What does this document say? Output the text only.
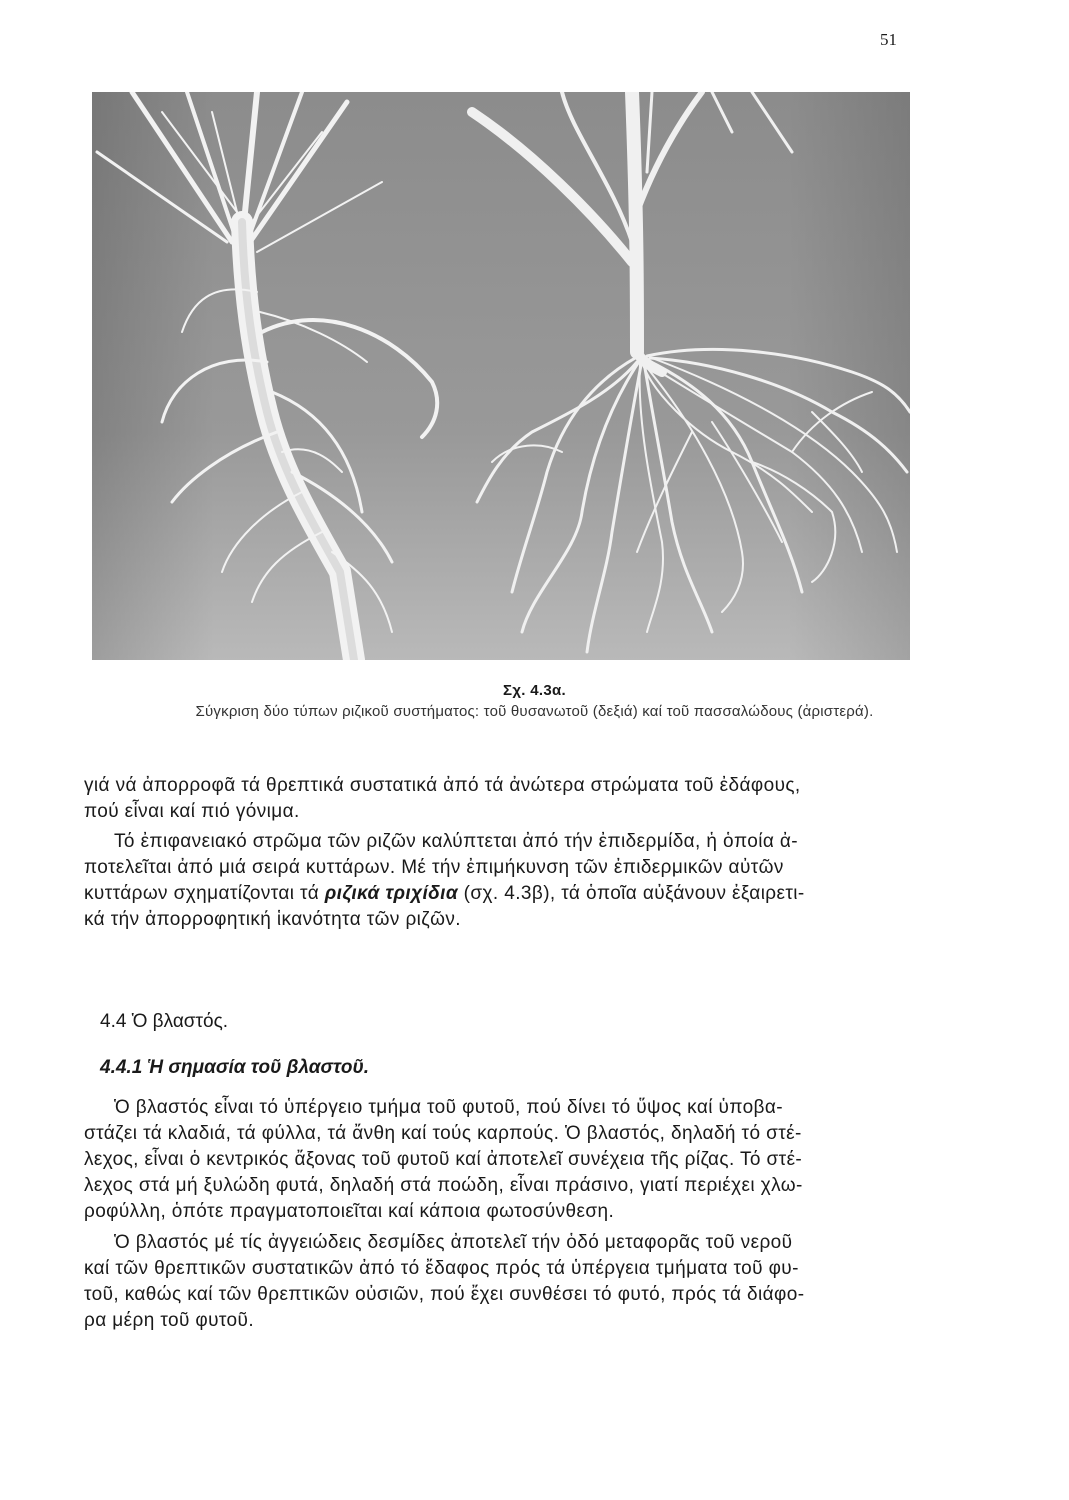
51
Σχ. 4.3α.
Σύγκριση δύο τύπων ριζικοῦ συστήματος: τοῦ θυσανωτοῦ (δεξιά) καί τοῦ πασσαλώδους (ἀριστερά).
γιά νά ἀπορροφᾶ τά θρεπτικά συστατικά ἀπό τά ἀνώτερα στρώματα τοῦ ἐδάφους,
πού εἶναι καί πιό γόνιμα.
Τό ἐπιφανειακό στρῶμα τῶν ριζῶν καλύπτεται ἀπό τήν ἐπιδερμίδα, ἡ ὁποία ἀ-
ποτελεῖται ἀπό μιά σειρά κυττάρων. Μέ τήν ἐπιμήκυνση τῶν ἐπιδερμικῶν αὐτῶν
κυττάρων σχηματίζονται τά ριζικά τριχίδια (σχ. 4.3β), τά ὁποῖα αὐξάνουν ἐξαιρετι-
κά τήν ἀπορροφητική ἱκανότητα τῶν ριζῶν.
4.4 Ὁ βλαστός.
4.4.1 Ἡ σημασία τοῦ βλαστοῦ.
Ὁ βλαστός εἶναι τό ὑπέργειο τμήμα τοῦ φυτοῦ, πού δίνει τό ὕψος καί ὑποβα-
στάζει τά κλαδιά, τά φύλλα, τά ἄνθη καί τούς καρπούς. Ὁ βλαστός, δηλαδή τό στέ-
λεχος, εἶναι ὁ κεντρικός ἄξονας τοῦ φυτοῦ καί ἀποτελεῖ συνέχεια τῆς ρίζας. Τό στέ-
λεχος στά μή ξυλώδη φυτά, δηλαδή στά ποώδη, εἶναι πράσινο, γιατί περιέχει χλω-
ροφύλλη, ὁπότε πραγματοποιεῖται καί κάποια φωτοσύνθεση.
Ὁ βλαστός μέ τίς ἀγγειώδεις δεσμίδες ἀποτελεῖ τήν ὁδό μεταφορᾶς τοῦ νεροῦ
καί τῶν θρεπτικῶν συστατικῶν ἀπό τό ἔδαφος πρός τά ὑπέργεια τμήματα τοῦ φυ-
τοῦ, καθώς καί τῶν θρεπτικῶν οὐσιῶν, πού ἔχει συνθέσει τό φυτό, πρός τά διάφο-
ρα μέρη τοῦ φυτοῦ.
